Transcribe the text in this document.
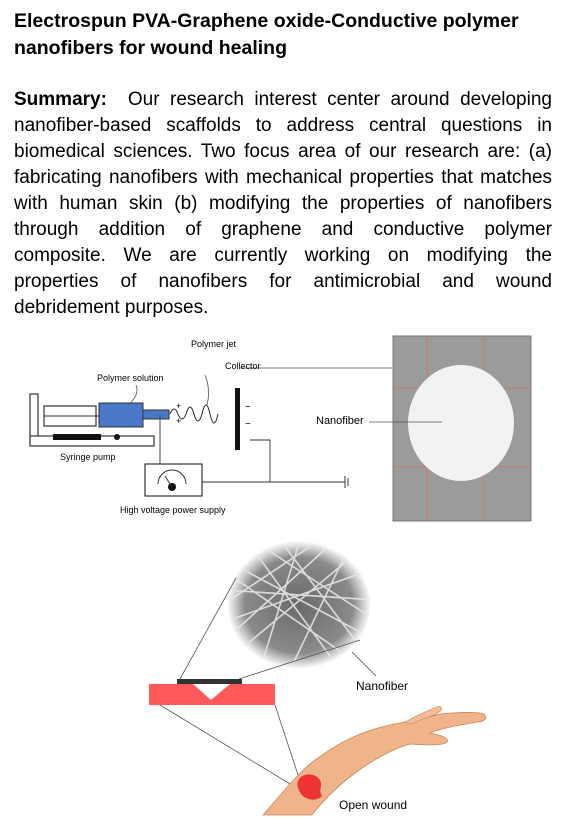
Electrospun PVA-Graphene oxide-Conductive polymer nanofibers for wound healing

Summary: Our research interest center around developing nanofiber-based scaffolds to address central questions in biomedical sciences. Two focus area of our research are: (a) fabricating nanofibers with mechanical properties that matches with human skin (b) modifying the properties of nanofibers through addition of graphene and conductive polymer composite. We are currently working on modifying the properties of nanofibers for antimicrobial and wound debridement purposes.

+
+
−
−
Polymer jet
Collector
Polymer solution
Syringe pump
High voltage power supply
Nanofiber
Nanofiber
Open wound
